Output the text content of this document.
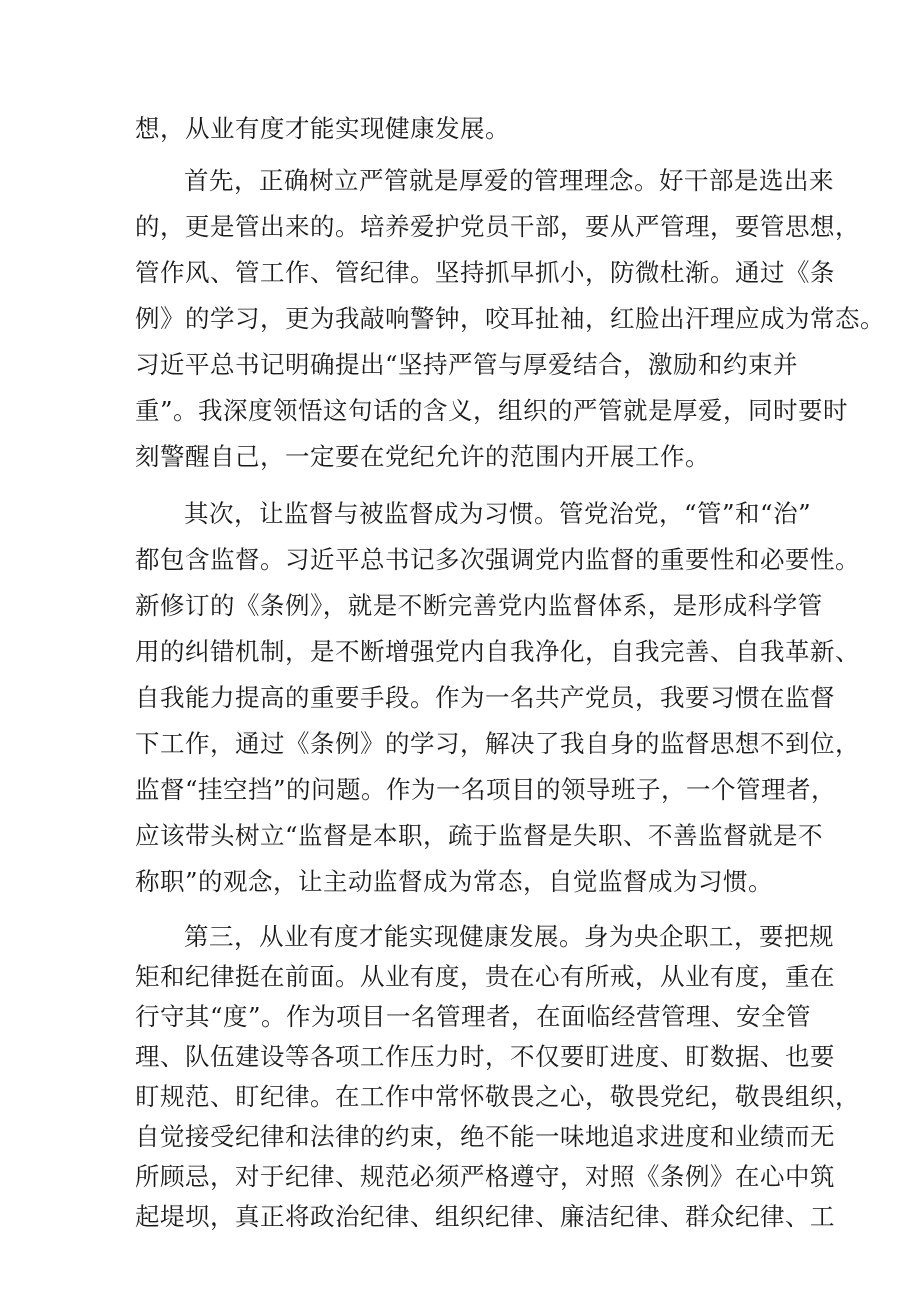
想，从业有度才能实现健康发展。
首先，正确树立严管就是厚爱的管理理念。好干部是选出来
的，更是管出来的。培养爱护党员干部，要从严管理，要管思想，
管作风、管工作、管纪律。坚持抓早抓小，防微杜渐。通过《条
例》的学习，更为我敲响警钟，咬耳扯袖，红脸出汗理应成为常态。
习近平总书记明确提出“坚持严管与厚爱结合，激励和约束并
重”。我深度领悟这句话的含义，组织的严管就是厚爱，同时要时
刻警醒自己，一定要在党纪允许的范围内开展工作。
其次，让监督与被监督成为习惯。管党治党，“管”和“治”
都包含监督。习近平总书记多次强调党内监督的重要性和必要性。
新修订的《条例》，就是不断完善党内监督体系，是形成科学管
用的纠错机制，是不断增强党内自我净化，自我完善、自我革新、
自我能力提高的重要手段。作为一名共产党员，我要习惯在监督
下工作，通过《条例》的学习，解决了我自身的监督思想不到位，
监督“挂空挡”的问题。作为一名项目的领导班子，一个管理者，
应该带头树立“监督是本职，疏于监督是失职、不善监督就是不
称职”的观念，让主动监督成为常态，自觉监督成为习惯。
第三，从业有度才能实现健康发展。身为央企职工，要把规
矩和纪律挺在前面。从业有度，贵在心有所戒，从业有度，重在
行守其“度”。作为项目一名管理者，在面临经营管理、安全管
理、队伍建设等各项工作压力时，不仅要盯进度、盯数据、也要
盯规范、盯纪律。在工作中常怀敬畏之心，敬畏党纪，敬畏组织，
自觉接受纪律和法律的约束，绝不能一味地追求进度和业绩而无
所顾忌，对于纪律、规范必须严格遵守，对照《条例》在心中筑
起堤坝，真正将政治纪律、组织纪律、廉洁纪律、群众纪律、工
